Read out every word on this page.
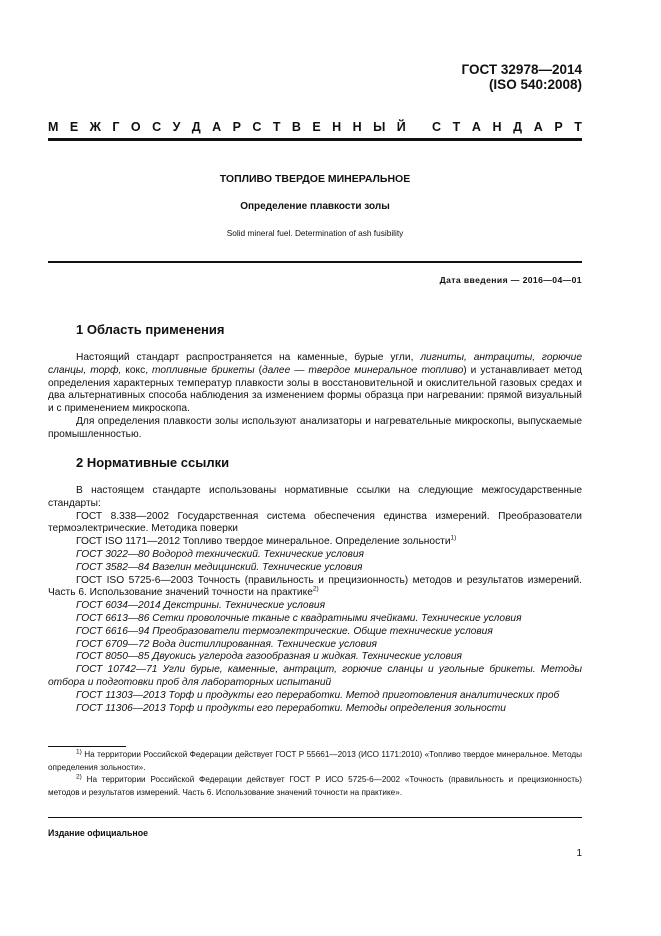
ГОСТ 32978—2014
(ISO 540:2008)
М Е Ж Г О С У Д А Р С Т В Е Н Н Ы Й С Т А Н Д А Р Т
ТОПЛИВО ТВЕРДОЕ МИНЕРАЛЬНОЕ
Определение плавкости золы
Solid mineral fuel. Determination of ash fusibility
Дата введения — 2016—04—01
1 Область применения
Настоящий стандарт распространяется на каменные, бурые угли, лигниты, антрациты, горючие сланцы, торф, кокс, топливные брикеты (далее — твердое минеральное топливо) и устанавливает метод определения характерных температур плавкости золы в восстановительной и окислительной газовых средах и два альтернативных способа наблюдения за изменением формы образца при нагревании: прямой визуальный и с применением микроскопа.
Для определения плавкости золы используют анализаторы и нагревательные микроскопы, выпускаемые промышленностью.
2 Нормативные ссылки
В настоящем стандарте использованы нормативные ссылки на следующие межгосударственные стандарты:
ГОСТ 8.338—2002 Государственная система обеспечения единства измерений. Преобразователи термоэлектрические. Методика поверки
ГОСТ ISO 1171—2012 Топливо твердое минеральное. Определение зольности$^{1)}$
ГОСТ 3022—80 Водород технический. Технические условия
ГОСТ 3582—84 Вазелин медицинский. Технические условия
ГОСТ ISO 5725-6—2003 Точность (правильность и прецизионность) методов и результатов измерений. Часть 6. Использование значений точности на практике$^{2)}$
ГОСТ 6034—2014 Декстрины. Технические условия
ГОСТ 6613—86 Сетки проволочные тканые с квадратными ячейками. Технические условия
ГОСТ 6616—94 Преобразователи термоэлектрические. Общие технические условия
ГОСТ 6709—72 Вода дистиллированная. Технические условия
ГОСТ 8050—85 Двуокись углерода газообразная и жидкая. Технические условия
ГОСТ 10742—71 Угли бурые, каменные, антрацит, горючие сланцы и угольные брикеты. Методы отбора и подготовки проб для лабораторных испытаний
ГОСТ 11303—2013 Торф и продукты его переработки. Метод приготовления аналитических проб
ГОСТ 11306—2013 Торф и продукты его переработки. Методы определения зольности
$^{1)}$ На территории Российской Федерации действует ГОСТ Р 55661—2013 (ИСО 1171:2010) «Топливо твердое минеральное. Методы определения зольности».
$^{2)}$ На территории Российской Федерации действует ГОСТ Р ИСО 5725-6—2002 «Точность (правильность и прецизионность) методов и результатов измерений. Часть 6. Использование значений точности на практике».
Издание официальное
1
